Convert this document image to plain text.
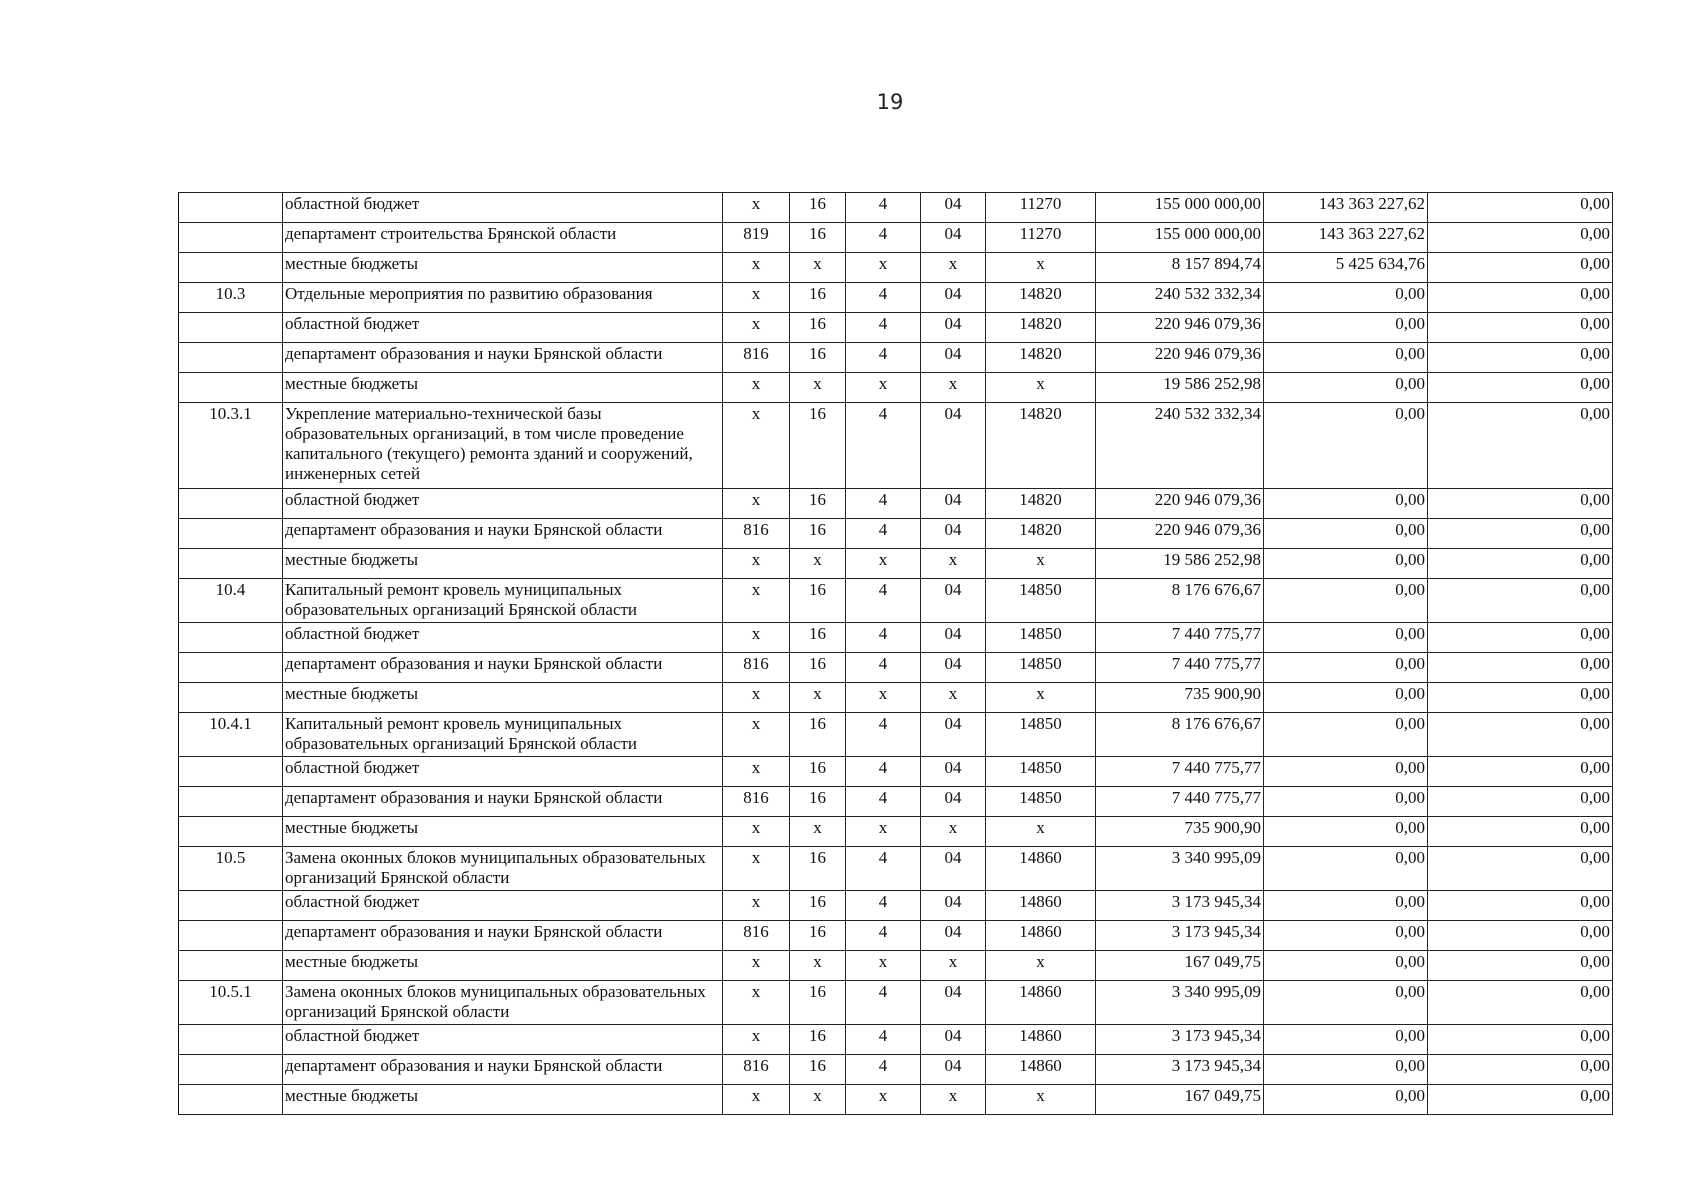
19
	областной бюджет	x	16	4	04	11270	155 000 000,00	143 363 227,62	0,00
	департамент строительства Брянской области	819	16	4	04	11270	155 000 000,00	143 363 227,62	0,00
	местные бюджеты	x	x	x	x	x	8 157 894,74	5 425 634,76	0,00
10.3	Отдельные мероприятия по развитию образования	x	16	4	04	14820	240 532 332,34	0,00	0,00
	областной бюджет	x	16	4	04	14820	220 946 079,36	0,00	0,00
	департамент образования и науки Брянской области	816	16	4	04	14820	220 946 079,36	0,00	0,00
	местные бюджеты	x	x	x	x	x	19 586 252,98	0,00	0,00
10.3.1	Укрепление материально-технической базы образовательных организаций, в том числе проведение капитального (текущего) ремонта зданий и сооружений, инженерных сетей	x	16	4	04	14820	240 532 332,34	0,00	0,00
	областной бюджет	x	16	4	04	14820	220 946 079,36	0,00	0,00
	департамент образования и науки Брянской области	816	16	4	04	14820	220 946 079,36	0,00	0,00
	местные бюджеты	x	x	x	x	x	19 586 252,98	0,00	0,00
10.4	Капитальный ремонт кровель муниципальных образовательных организаций Брянской области	x	16	4	04	14850	8 176 676,67	0,00	0,00
	областной бюджет	x	16	4	04	14850	7 440 775,77	0,00	0,00
	департамент образования и науки Брянской области	816	16	4	04	14850	7 440 775,77	0,00	0,00
	местные бюджеты	x	x	x	x	x	735 900,90	0,00	0,00
10.4.1	Капитальный ремонт кровель муниципальных образовательных организаций Брянской области	x	16	4	04	14850	8 176 676,67	0,00	0,00
	областной бюджет	x	16	4	04	14850	7 440 775,77	0,00	0,00
	департамент образования и науки Брянской области	816	16	4	04	14850	7 440 775,77	0,00	0,00
	местные бюджеты	x	x	x	x	x	735 900,90	0,00	0,00
10.5	Замена оконных блоков муниципальных образовательных организаций Брянской области	x	16	4	04	14860	3 340 995,09	0,00	0,00
	областной бюджет	x	16	4	04	14860	3 173 945,34	0,00	0,00
	департамент образования и науки Брянской области	816	16	4	04	14860	3 173 945,34	0,00	0,00
	местные бюджеты	x	x	x	x	x	167 049,75	0,00	0,00
10.5.1	Замена оконных блоков муниципальных образовательных организаций Брянской области	x	16	4	04	14860	3 340 995,09	0,00	0,00
	областной бюджет	x	16	4	04	14860	3 173 945,34	0,00	0,00
	департамент образования и науки Брянской области	816	16	4	04	14860	3 173 945,34	0,00	0,00
	местные бюджеты	x	x	x	x	x	167 049,75	0,00	0,00
